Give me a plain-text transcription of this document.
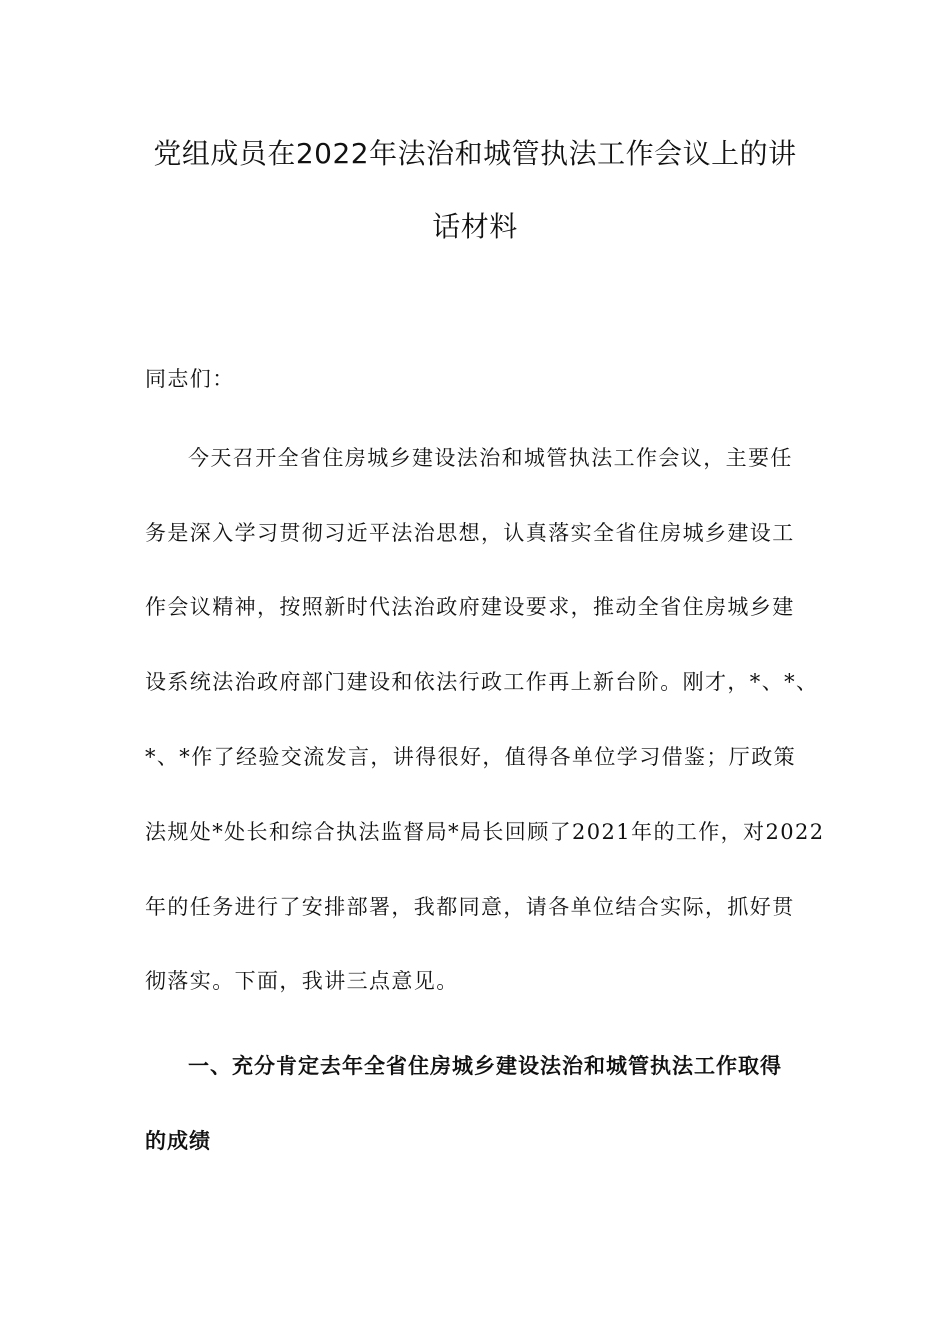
党组成员在2022年法治和城管执法工作会议上的讲
话材料
同志们：
今天召开全省住房城乡建设法治和城管执法工作会议，主要任
务是深入学习贯彻习近平法治思想，认真落实全省住房城乡建设工
作会议精神，按照新时代法治政府建设要求，推动全省住房城乡建
设系统法治政府部门建设和依法行政工作再上新台阶。刚才，*、*、
*、*作了经验交流发言，讲得很好，值得各单位学习借鉴；厅政策
法规处*处长和综合执法监督局*局长回顾了2021年的工作，对2022
年的任务进行了安排部署，我都同意，请各单位结合实际，抓好贯
彻落实。下面，我讲三点意见。
一、充分肯定去年全省住房城乡建设法治和城管执法工作取得
的成绩
